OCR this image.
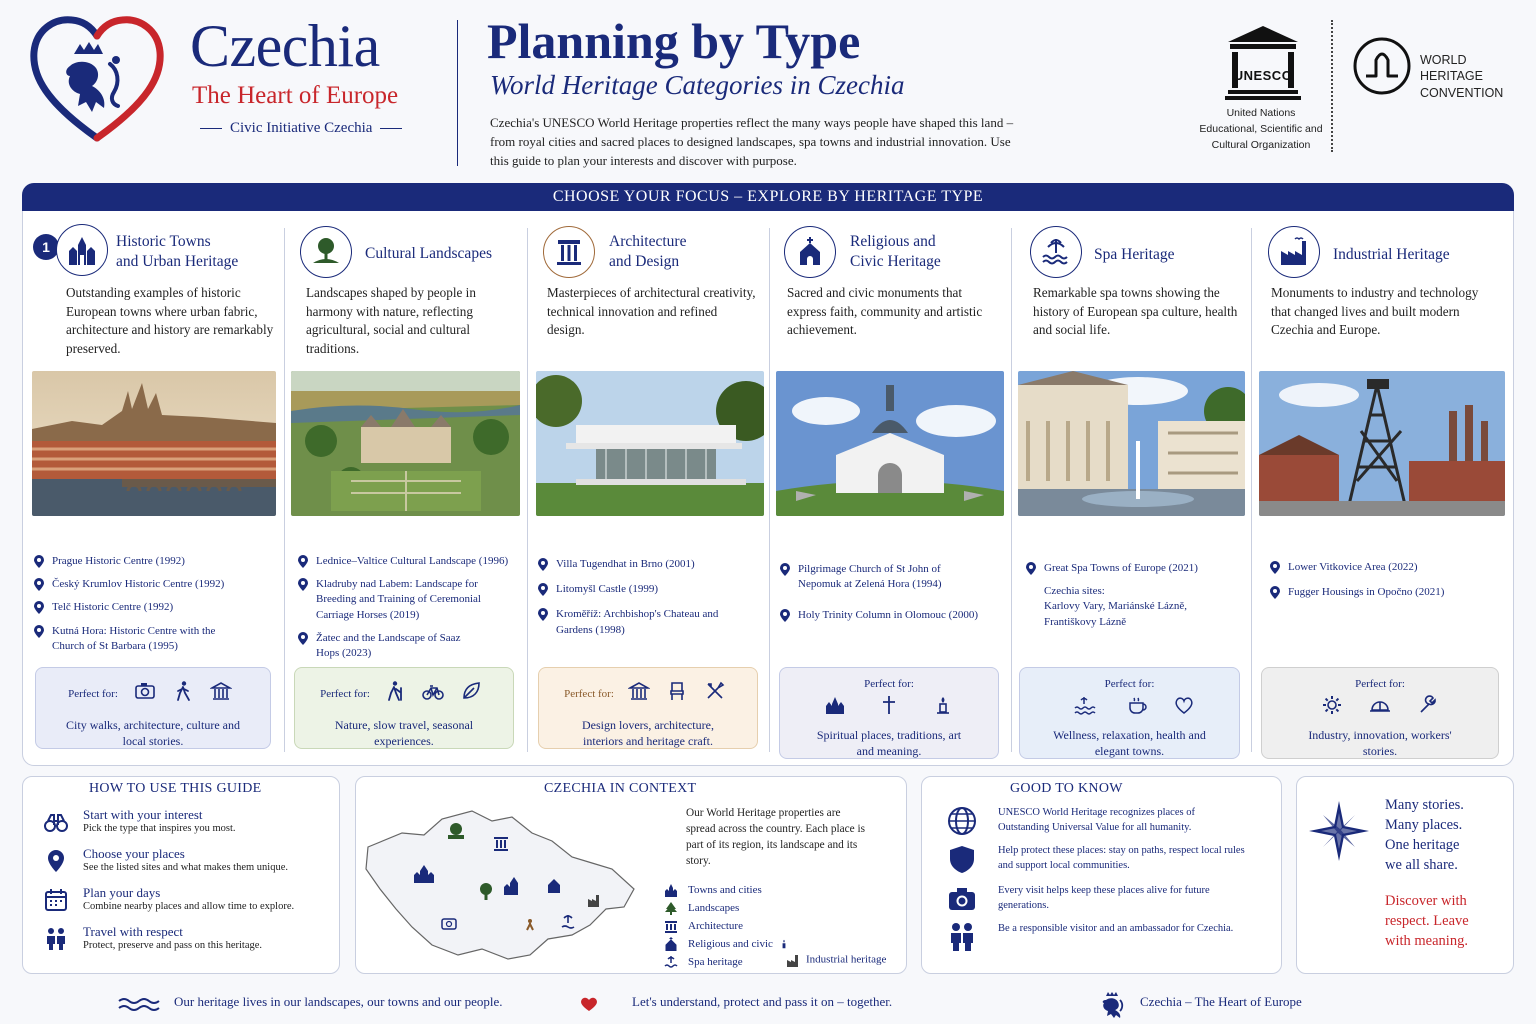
Czechia
The Heart of Europe
Civic Initiative Czechia
Planning by Type
World Heritage Categories in Czechia
Czechia's UNESCO World Heritage properties reflect the many ways people have shaped this land – from royal cities and sacred places to designed landscapes, spa towns and industrial innovation. Use this guide to plan your interests and discover with purpose.
UNESCO
United Nations
Educational, Scientific and
Cultural Organization
WORLD
HERITAGE
CONVENTION
CHOOSE YOUR FOCUS – EXPLORE BY HERITAGE TYPE
1	Historic Towns
and Urban Heritage
Outstanding examples of historic European towns where urban fabric, architecture and history are remarkably preserved.
Prague Historic Centre (1992)
Český Krumlov Historic Centre (1992)
Telč Historic Centre (1992)
Kutná Hora: Historic Centre with the Church of St Barbara (1995)
Perfect for:

City walks, architecture, culture and local stories.
Cultural Landscapes
Landscapes shaped by people in harmony with nature, reflecting agricultural, social and cultural traditions.
Lednice–Valtice Cultural Landscape (1996)
Kladruby nad Labem: Landscape for Breeding and Training of Ceremonial Carriage Horses (2019)
Žatec and the Landscape of Saaz Hops (2023)
Perfect for:

Nature, slow travel, seasonal experiences.
Architecture
and Design
Masterpieces of architectural creativity, technical innovation and refined design.
Villa Tugendhat in Brno (2001)
Litomyšl Castle (1999)
Kroměříž: Archbishop's Chateau and Gardens (1998)
Perfect for:

Design lovers, architecture, interiors and heritage craft.
Religious and
Civic Heritage
Sacred and civic monuments that express faith, community and artistic achievement.
Pilgrimage Church of St John of Nepomuk at Zelená Hora (1994)
Holy Trinity Column in Olomouc (2000)
Perfect for:

Spiritual places, traditions, art and meaning.
Spa Heritage
Remarkable spa towns showing the history of European spa culture, health and social life.
Great Spa Towns of Europe (2021)
Czechia sites:
Karlovy Vary, Mariánské Lázně,
Františkovy Lázně
Perfect for:

Wellness, relaxation, health and elegant towns.
Industrial Heritage
Monuments to industry and technology that changed lives and built modern Czechia and Europe.
Lower Vitkovice Area (2022)
Fugger Housings in Opočno (2021)
Perfect for:

Industry, innovation, workers' stories.
HOW TO USE THIS GUIDE
Start with your interest
Pick the type that inspires you most.
Choose your places
See the listed sites and what makes them unique.
Plan your days
Combine nearby places and allow time to explore.
Travel with respect
Protect, preserve and pass on this heritage.
CZECHIA IN CONTEXT
Our World Heritage properties are spread across the country. Each place is part of its region, its landscape and its story.
Towns and cities
Landscapes
Architecture
Religious and civic
Spa heritage	Industrial heritage
GOOD TO KNOW
UNESCO World Heritage recognizes places of Outstanding Universal Value for all humanity.
Help protect these places: stay on paths, respect local rules and support local communities.
Every visit helps keep these places alive for future generations.
Be a responsible visitor and an ambassador for Czechia.
Many stories.
Many places.
One heritage
we all share.
Discover with
respect. Leave
with meaning.
Our heritage lives in our landscapes, our towns and our people.	Let's understand, protect and pass it on – together.	Czechia – The Heart of Europe
